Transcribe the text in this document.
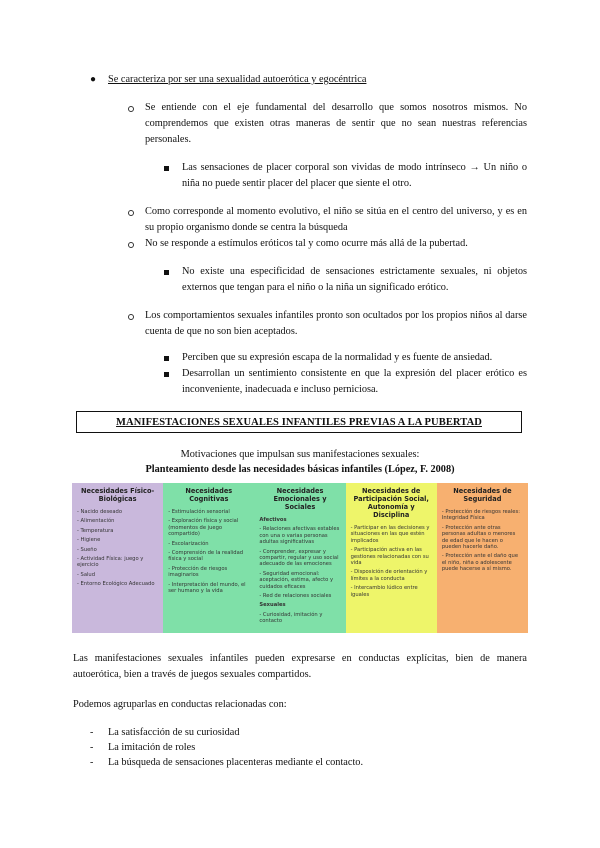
● Se caracteriza por ser una sexualidad autoerótica y egocéntrica
Se entiende con el eje fundamental del desarrollo que somos nosotros mismos. No comprendemos que existen otras maneras de sentir que no sean nuestras referencias personales.
Las sensaciones de placer corporal son vividas de modo intrínseco → Un niño o niña no puede sentir placer del placer que siente el otro.
Como corresponde al momento evolutivo, el niño se sitúa en el centro del universo, y es en su propio organismo donde se centra la búsqueda
No se responde a estímulos eróticos tal y como ocurre más allá de la pubertad.
No existe una especificidad de sensaciones estrictamente sexuales, ni objetos externos que tengan para el niño o la niña un significado erótico.
Los comportamientos sexuales infantiles pronto son ocultados por los propios niños al darse cuenta de que no son bien aceptados.
Perciben que su expresión escapa de la normalidad y es fuente de ansiedad.
Desarrollan un sentimiento consistente en que la expresión del placer erótico es inconveniente, inadecuada e incluso perniciosa.
MANIFESTACIONES SEXUALES INFANTILES PREVIAS A LA PUBERTAD
Motivaciones que impulsan sus manifestaciones sexuales:
Planteamiento desde las necesidades básicas infantiles (López, F. 2008)
Necesidades Físico-Biológicas
- Nacido deseado
- Alimentación
- Temperatura
- Higiene
- Sueño
- Actividad Física: juego y ejercicio
- Salud
- Entorno Ecológico Adecuado
Necesidades Cognitivas
- Estimulación sensorial
- Exploración física y social (momentos de juego compartido)
- Escolarización
- Comprensión de la realidad física y social
- Protección de riesgos imaginarios
- Interpretación del mundo, el ser humano y la vida
Necesidades Emocionales y Sociales
Afectivos
- Relaciones afectivas estables con una o varias personas adultas significativas
- Comprender, expresar y compartir, regular y uso social adecuado de las emociones
- Seguridad emocional: aceptación, estima, afecto y cuidados eficaces
- Red de relaciones sociales
Sexuales
- Curiosidad, imitación y contacto
Necesidades de Participación Social, Autonomía y Disciplina
- Participar en las decisiones y situaciones en las que estén implicados
- Participación activa en las gestiones relacionadas con su vida
- Disposición de orientación y límites a la conducta
- Intercambio lúdico entre iguales
Necesidades de Seguridad
- Protección de riesgos reales: Integridad Física
- Protección ante otras personas adultas o menores de edad que le hacen o pueden hacerle daño.
- Protección ante el daño que el niño, niña o adolescente puede hacerse a sí mismo.
Las manifestaciones sexuales infantiles pueden expresarse en conductas explícitas, bien de manera autoerótica, bien a través de juegos sexuales compartidos.
Podemos agruparlas en conductas relacionadas con:
- La satisfacción de su curiosidad
- La imitación de roles
- La búsqueda de sensaciones placenteras mediante el contacto.
